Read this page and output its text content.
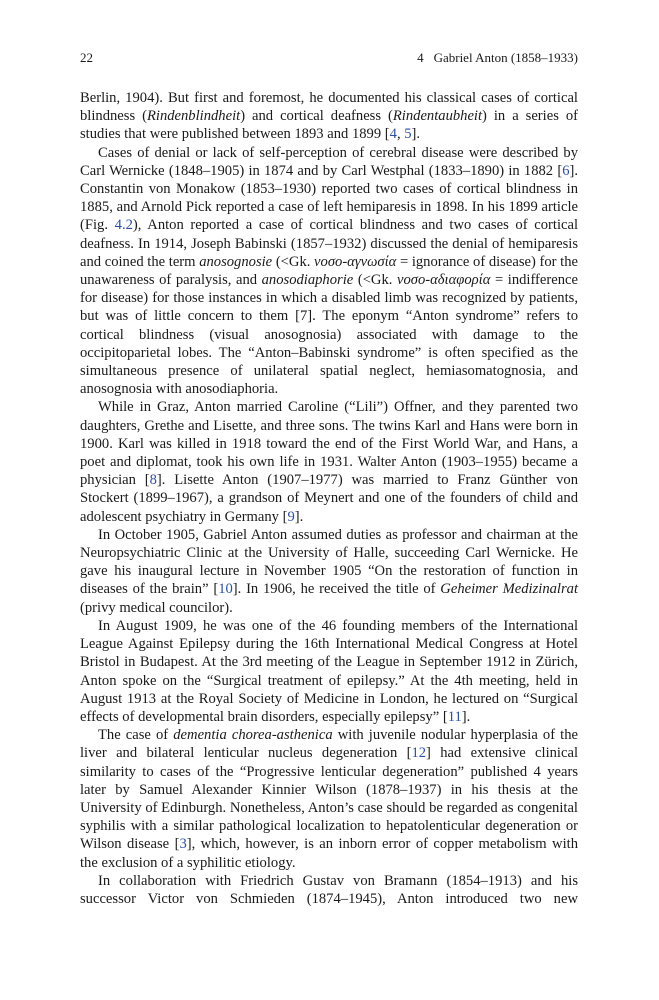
22	4 Gabriel Anton (1858–1933)

Berlin, 1904). But first and foremost, he documented his classical cases of cortical blindness (Rindenblindheit) and cortical deafness (Rindentaubheit) in a series of studies that were published between 1893 and 1899 [4, 5].

Cases of denial or lack of self-perception of cerebral disease were described by Carl Wernicke (1848–1905) in 1874 and by Carl Westphal (1833–1890) in 1882 [6]. Constantin von Monakow (1853–1930) reported two cases of cortical blindness in 1885, and Arnold Pick reported a case of left hemiparesis in 1898. In his 1899 article (Fig. 4.2), Anton reported a case of cortical blindness and two cases of cortical deafness. In 1914, Joseph Babinski (1857–1932) discussed the denial of hemiparesis and coined the term anosognosie (<Gk. νοσο-αγνωσία = ignorance of disease) for the unawareness of paralysis, and anosodiaphorie (<Gk. νοσο-αδιαφορία = indifference for disease) for those instances in which a disabled limb was recognized by patients, but was of little concern to them [7]. The eponym “Anton syndrome” refers to cortical blindness (visual anosognosia) associated with damage to the occipitoparietal lobes. The “Anton–Babinski syndrome” is often specified as the simultaneous presence of unilateral spatial neglect, hemiasomatognosia, and anosognosia with anosodiaphoria.

While in Graz, Anton married Caroline (“Lili”) Offner, and they parented two daughters, Grethe and Lisette, and three sons. The twins Karl and Hans were born in 1900. Karl was killed in 1918 toward the end of the First World War, and Hans, a poet and diplomat, took his own life in 1931. Walter Anton (1903–1955) became a physician [8]. Lisette Anton (1907–1977) was married to Franz Günther von Stockert (1899–1967), a grandson of Meynert and one of the founders of child and adolescent psychiatry in Germany [9].

In October 1905, Gabriel Anton assumed duties as professor and chairman at the Neuropsychiatric Clinic at the University of Halle, succeeding Carl Wernicke. He gave his inaugural lecture in November 1905 “On the restoration of function in diseases of the brain” [10]. In 1906, he received the title of Geheimer Medizinalrat (privy medical councilor).

In August 1909, he was one of the 46 founding members of the International League Against Epilepsy during the 16th International Medical Congress at Hotel Bristol in Budapest. At the 3rd meeting of the League in September 1912 in Zürich, Anton spoke on the “Surgical treatment of epilepsy.” At the 4th meeting, held in August 1913 at the Royal Society of Medicine in London, he lectured on “Surgical effects of developmental brain disorders, especially epilepsy” [11].

The case of dementia chorea-asthenica with juvenile nodular hyperplasia of the liver and bilateral lenticular nucleus degeneration [12] had extensive clinical similarity to cases of the “Progressive lenticular degeneration” published 4 years later by Samuel Alexander Kinnier Wilson (1878–1937) in his thesis at the University of Edinburgh. Nonetheless, Anton’s case should be regarded as congenital syphilis with a similar pathological localization to hepatolenticular degeneration or Wilson disease [3], which, however, is an inborn error of copper metabolism with the exclusion of a syphilitic etiology.

In collaboration with Friedrich Gustav von Bramann (1854–1913) and his successor Victor von Schmieden (1874–1945), Anton introduced two new
